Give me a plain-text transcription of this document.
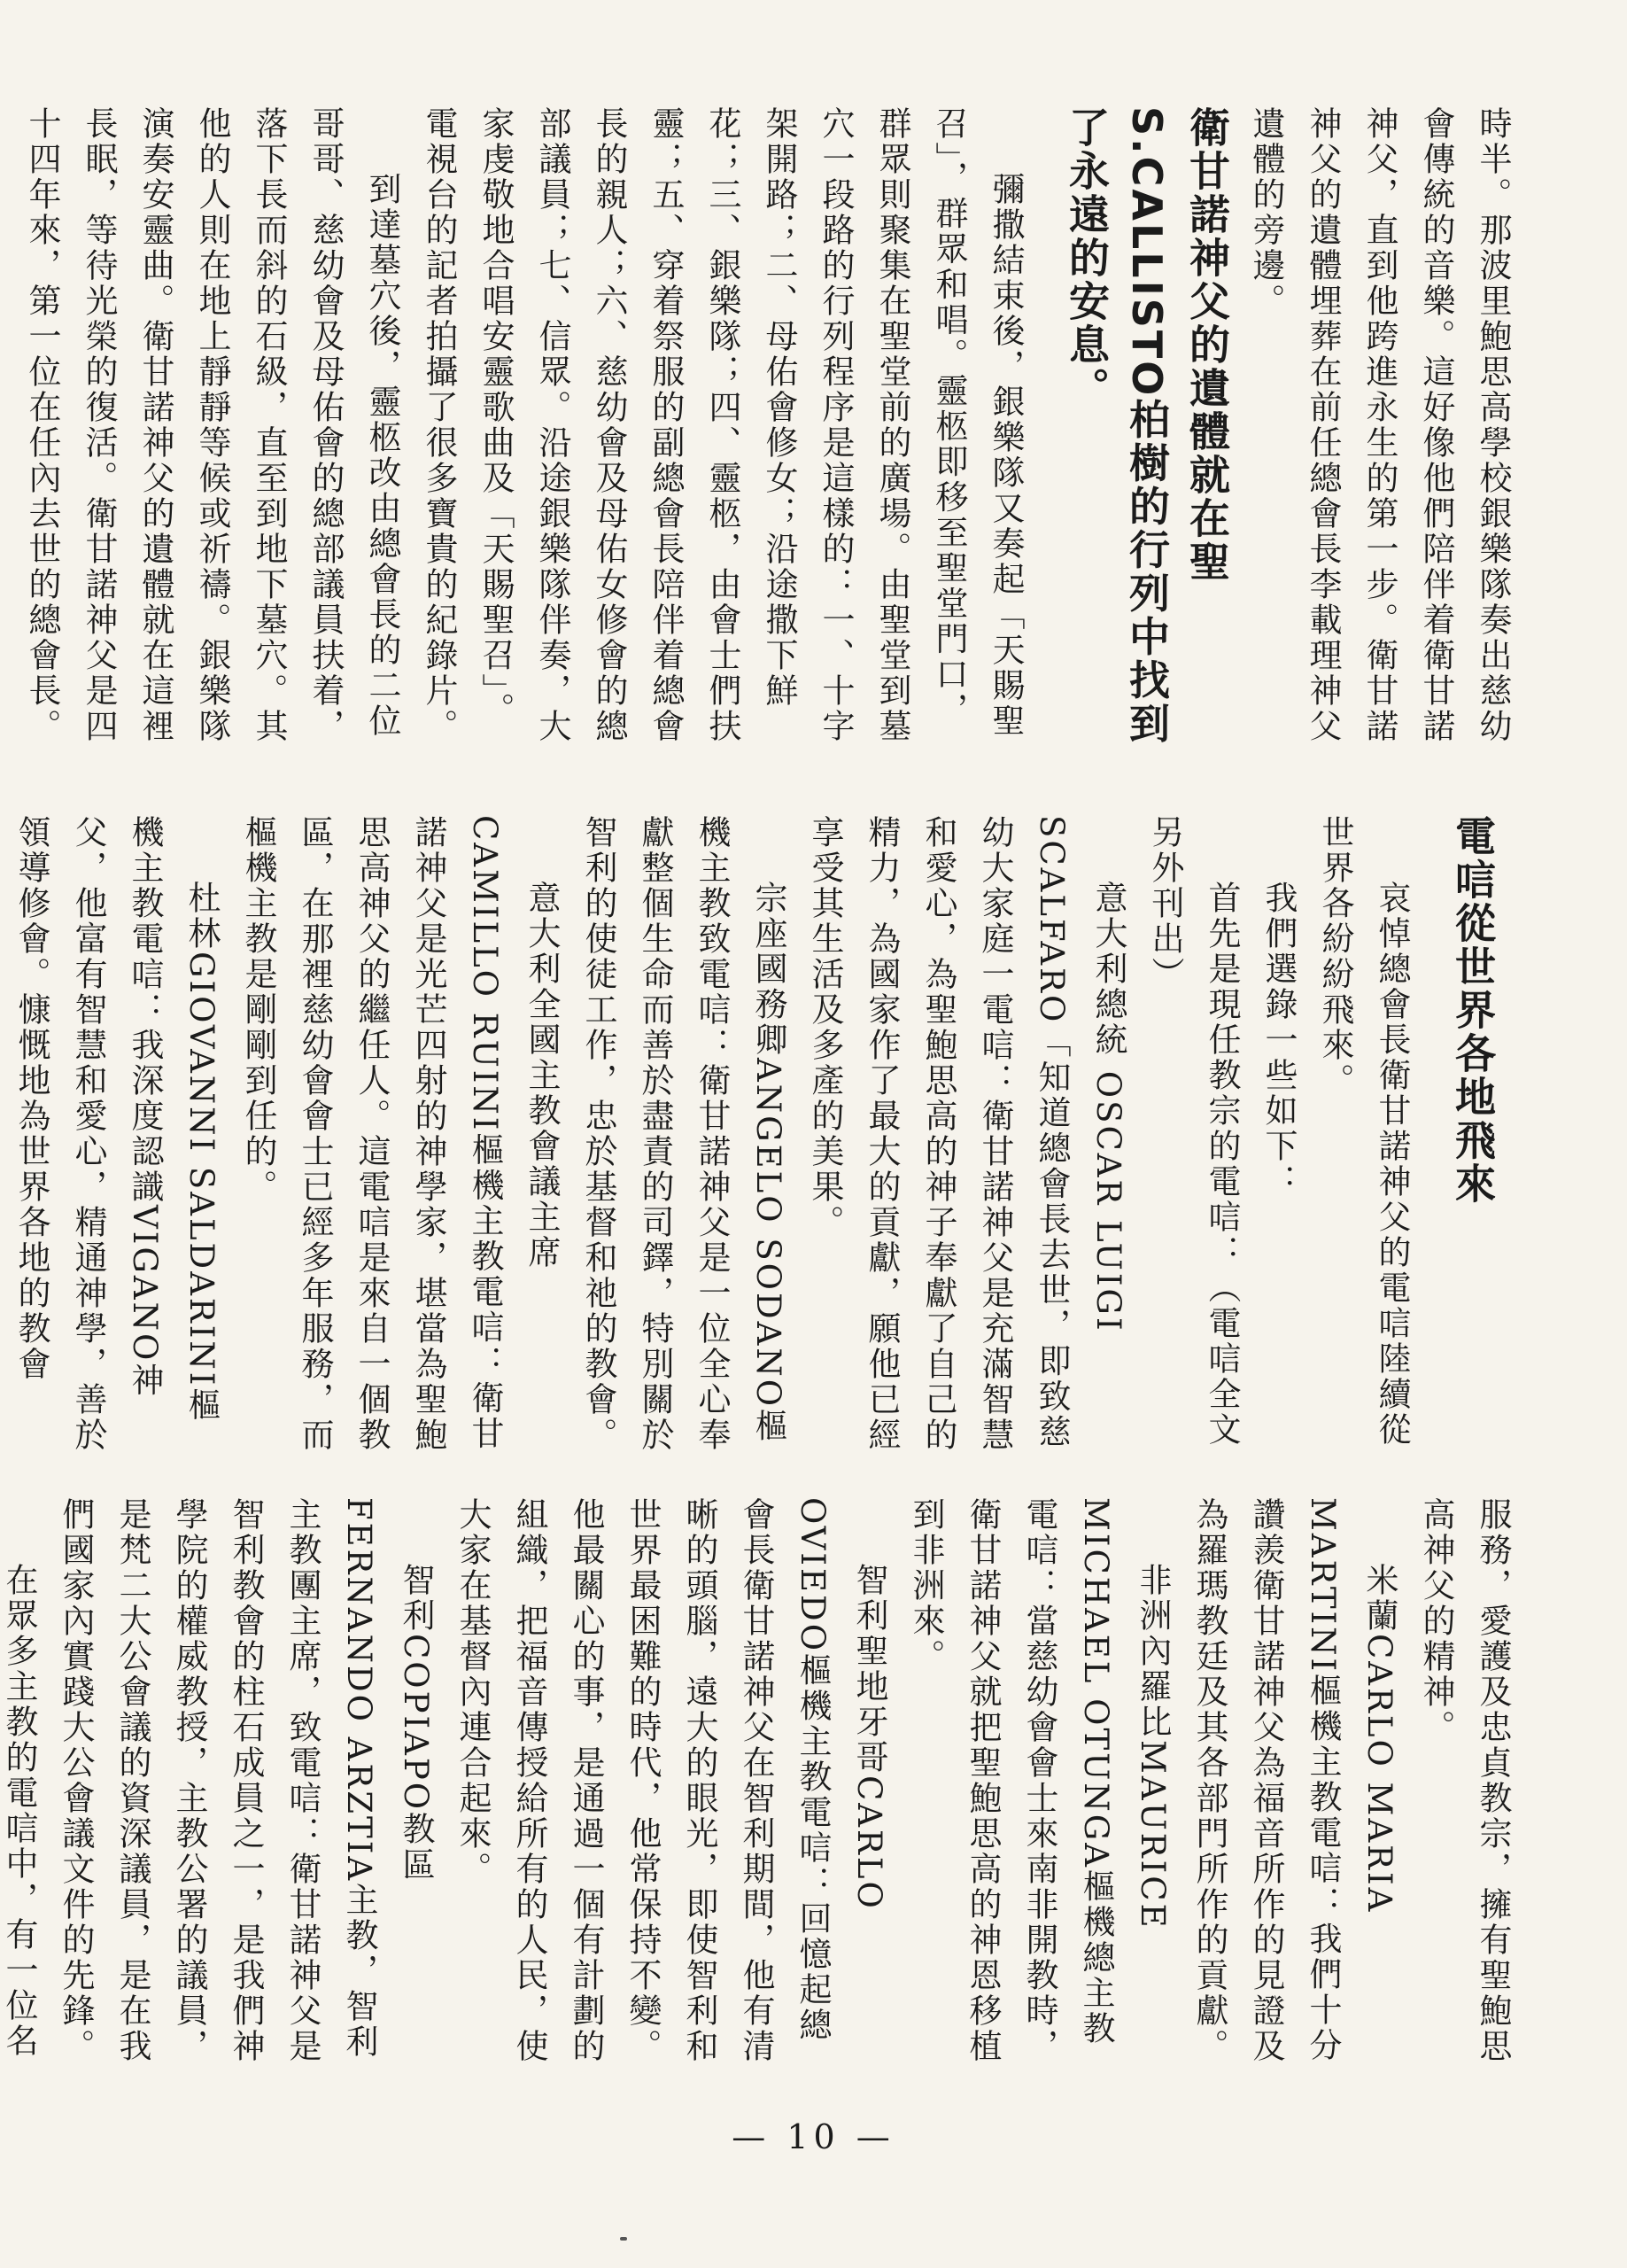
時半。那波里鮑思高學校銀樂隊奏出慈幼會傳統的音樂。這好像他們陪伴着衛甘諾神父，直到他跨進永生的第一步。衛甘諾神父的遺體埋葬在前任總會長李載理神父遺體的旁邊。

衛甘諾神父的遺體就在聖S.CALLISTO柏樹的行列中找到了永遠的安息。

彌撒結束後，銀樂隊又奏起「天賜聖召」，群眾和唱。靈柩即移至聖堂門口，群眾則聚集在聖堂前的廣場。由聖堂到墓穴一段路的行列程序是這樣的：一、十字架開路；二、母佑會修女；沿途撒下鮮花；三、銀樂隊；四、靈柩，由會士們扶靈；五、穿着祭服的副總會長陪伴着總會長的親人；六、慈幼會及母佑女修會的總部議員；七、信眾。沿途銀樂隊伴奏，大家虔敬地合唱安靈歌曲及「天賜聖召」。電視台的記者拍攝了很多寶貴的紀錄片。

到達墓穴後，靈柩改由總會長的二位哥哥、慈幼會及母佑會的總部議員扶着，落下長而斜的石級，直至到地下墓穴。其他的人則在地上靜靜等候或祈禱。銀樂隊演奏安靈曲。衛甘諾神父的遺體就在這裡長眠，等待光榮的復活。衛甘諾神父是四十四年來，第一位在任內去世的總會長。

電唁從世界各地飛來

哀悼總會長衛甘諾神父的電唁陸續從世界各紛紛飛來。

我們選錄一些如下：

首先是現任教宗的電唁：（電唁全文另外刊出）

意大利總統 OSCAR LUIGI SCALFARO「知道總會長去世，即致慈幼大家庭一電唁：衛甘諾神父是充滿智慧和愛心，為聖鮑思高的神子奉獻了自己的精力，為國家作了最大的貢獻，願他已經享受其生活及多產的美果。

宗座國務卿ANGELO SODANO樞機主教致電唁：衛甘諾神父是一位全心奉獻整個生命而善於盡責的司鐸，特別關於智利的使徒工作，忠於基督和祂的教會。

意大利全國主教會議主席CAMILLO RUINI樞機主教電唁：衛甘諾神父是光芒四射的神學家，堪當為聖鮑思高神父的繼任人。這電唁是來自一個教區，在那裡慈幼會會士已經多年服務，而樞機主教是剛剛到任的。

杜林GIOVANNI SALDARINI樞機主教電唁：我深度認識VIGANO神父，他富有智慧和愛心，精通神學，善於領導修會。慷慨地為世界各地的教會

服務，愛護及忠貞教宗，擁有聖鮑思高神父的精神。

米蘭CARLO MARIA MARTINI樞機主教電唁：我們十分讚羨衛甘諾神父為福音所作的見證及為羅瑪教廷及其各部門所作的貢獻。

非洲內羅比MAURICE MICHAEL OTUNGA樞機總主教電唁：當慈幼會會士來南非開教時，衛甘諾神父就把聖鮑思高的神恩移植到非洲來。

智利聖地牙哥CARLO OVIEDO樞機主教電唁：回憶起總會長衛甘諾神父在智利期間，他有清晰的頭腦，遠大的眼光，即使智利和世界最困難的時代，他常保持不變。他最關心的事，是通過一個有計劃的組織，把福音傳授給所有的人民，使大家在基督內連合起來。

智利COPIAPO教區FERNANDO ARZTIA主教，智利主教團主席，致電唁：衛甘諾神父是智利教會的柱石成員之一，是我們神學院的權威教授，主教公署的議員，是梵二大公會議的資深議員，是在我們國家內實踐大公會議文件的先鋒。

在眾多主教的電唁中，有一位名

— 10 —
